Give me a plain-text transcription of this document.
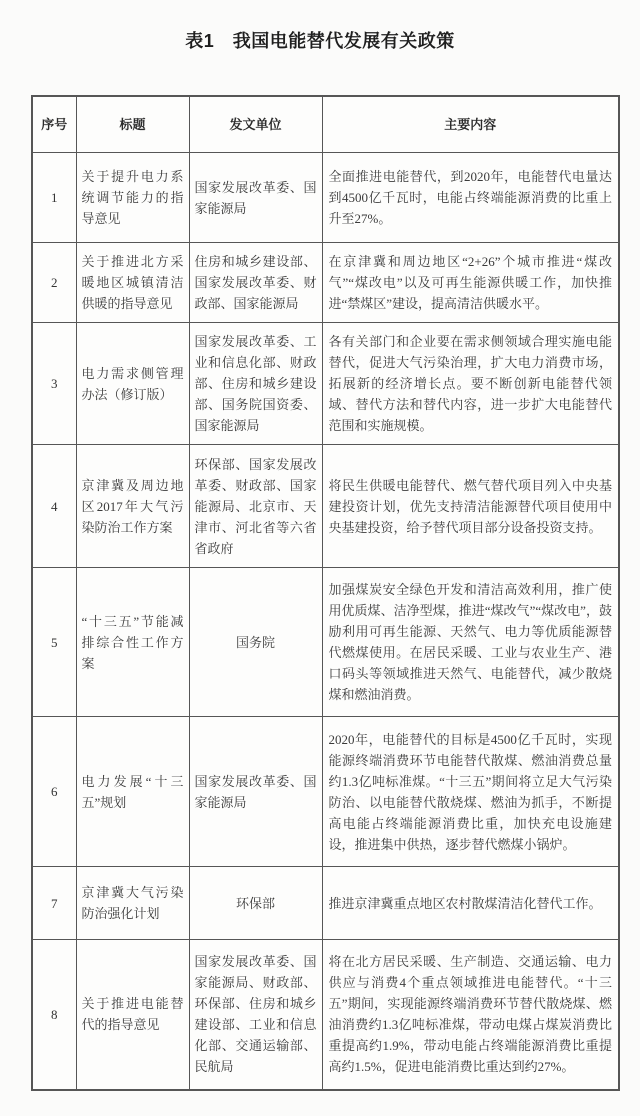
表1　我国电能替代发展有关政策
序号	标题	发文单位	主要内容
1	关于提升电力系统调节能力的指导意见	国家发展改革委、国家能源局	全面推进电能替代，到2020年，电能替代电量达到4500亿千瓦时，电能占终端能源消费的比重上升至27%。
2	关于推进北方采暖地区城镇清洁供暖的指导意见	住房和城乡建设部、国家发展改革委、财政部、国家能源局	在京津冀和周边地区“2+26”个城市推进“煤改气”“煤改电”以及可再生能源供暖工作，加快推进“禁煤区”建设，提高清洁供暖水平。
3	电力需求侧管理办法（修订版）	国家发展改革委、工业和信息化部、财政部、住房和城乡建设部、国务院国资委、国家能源局	各有关部门和企业要在需求侧领域合理实施电能替代，促进大气污染治理，扩大电力消费市场，拓展新的经济增长点。要不断创新电能替代领域、替代方法和替代内容，进一步扩大电能替代范围和实施规模。
4	京津冀及周边地区2017年大气污染防治工作方案	环保部、国家发展改革委、财政部、国家能源局、北京市、天津市、河北省等六省省政府	将民生供暖电能替代、燃气替代项目列入中央基建投资计划，优先支持清洁能源替代项目使用中央基建投资，给予替代项目部分设备投资支持。
5	“十三五”节能减排综合性工作方案	国务院	加强煤炭安全绿色开发和清洁高效利用，推广使用优质煤、洁净型煤，推进“煤改气”“煤改电”，鼓励利用可再生能源、天然气、电力等优质能源替代燃煤使用。在居民采暖、工业与农业生产、港口码头等领域推进天然气、电能替代，减少散烧煤和燃油消费。
6	电力发展“十三五”规划	国家发展改革委、国家能源局	2020年，电能替代的目标是4500亿千瓦时，实现能源终端消费环节电能替代散煤、燃油消费总量约1.3亿吨标准煤。“十三五”期间将立足大气污染防治、以电能替代散烧煤、燃油为抓手，不断提高电能占终端能源消费比重，加快充电设施建设，推进集中供热，逐步替代燃煤小锅炉。
7	京津冀大气污染防治强化计划	环保部	推进京津冀重点地区农村散煤清洁化替代工作。
8	关于推进电能替代的指导意见	国家发展改革委、国家能源局、财政部、环保部、住房和城乡建设部、工业和信息化部、交通运输部、民航局	将在北方居民采暖、生产制造、交通运输、电力供应与消费4个重点领域推进电能替代。“十三五”期间，实现能源终端消费环节替代散烧煤、燃油消费约1.3亿吨标准煤，带动电煤占煤炭消费比重提高约1.9%，带动电能占终端能源消费比重提高约1.5%，促进电能消费比重达到约27%。
